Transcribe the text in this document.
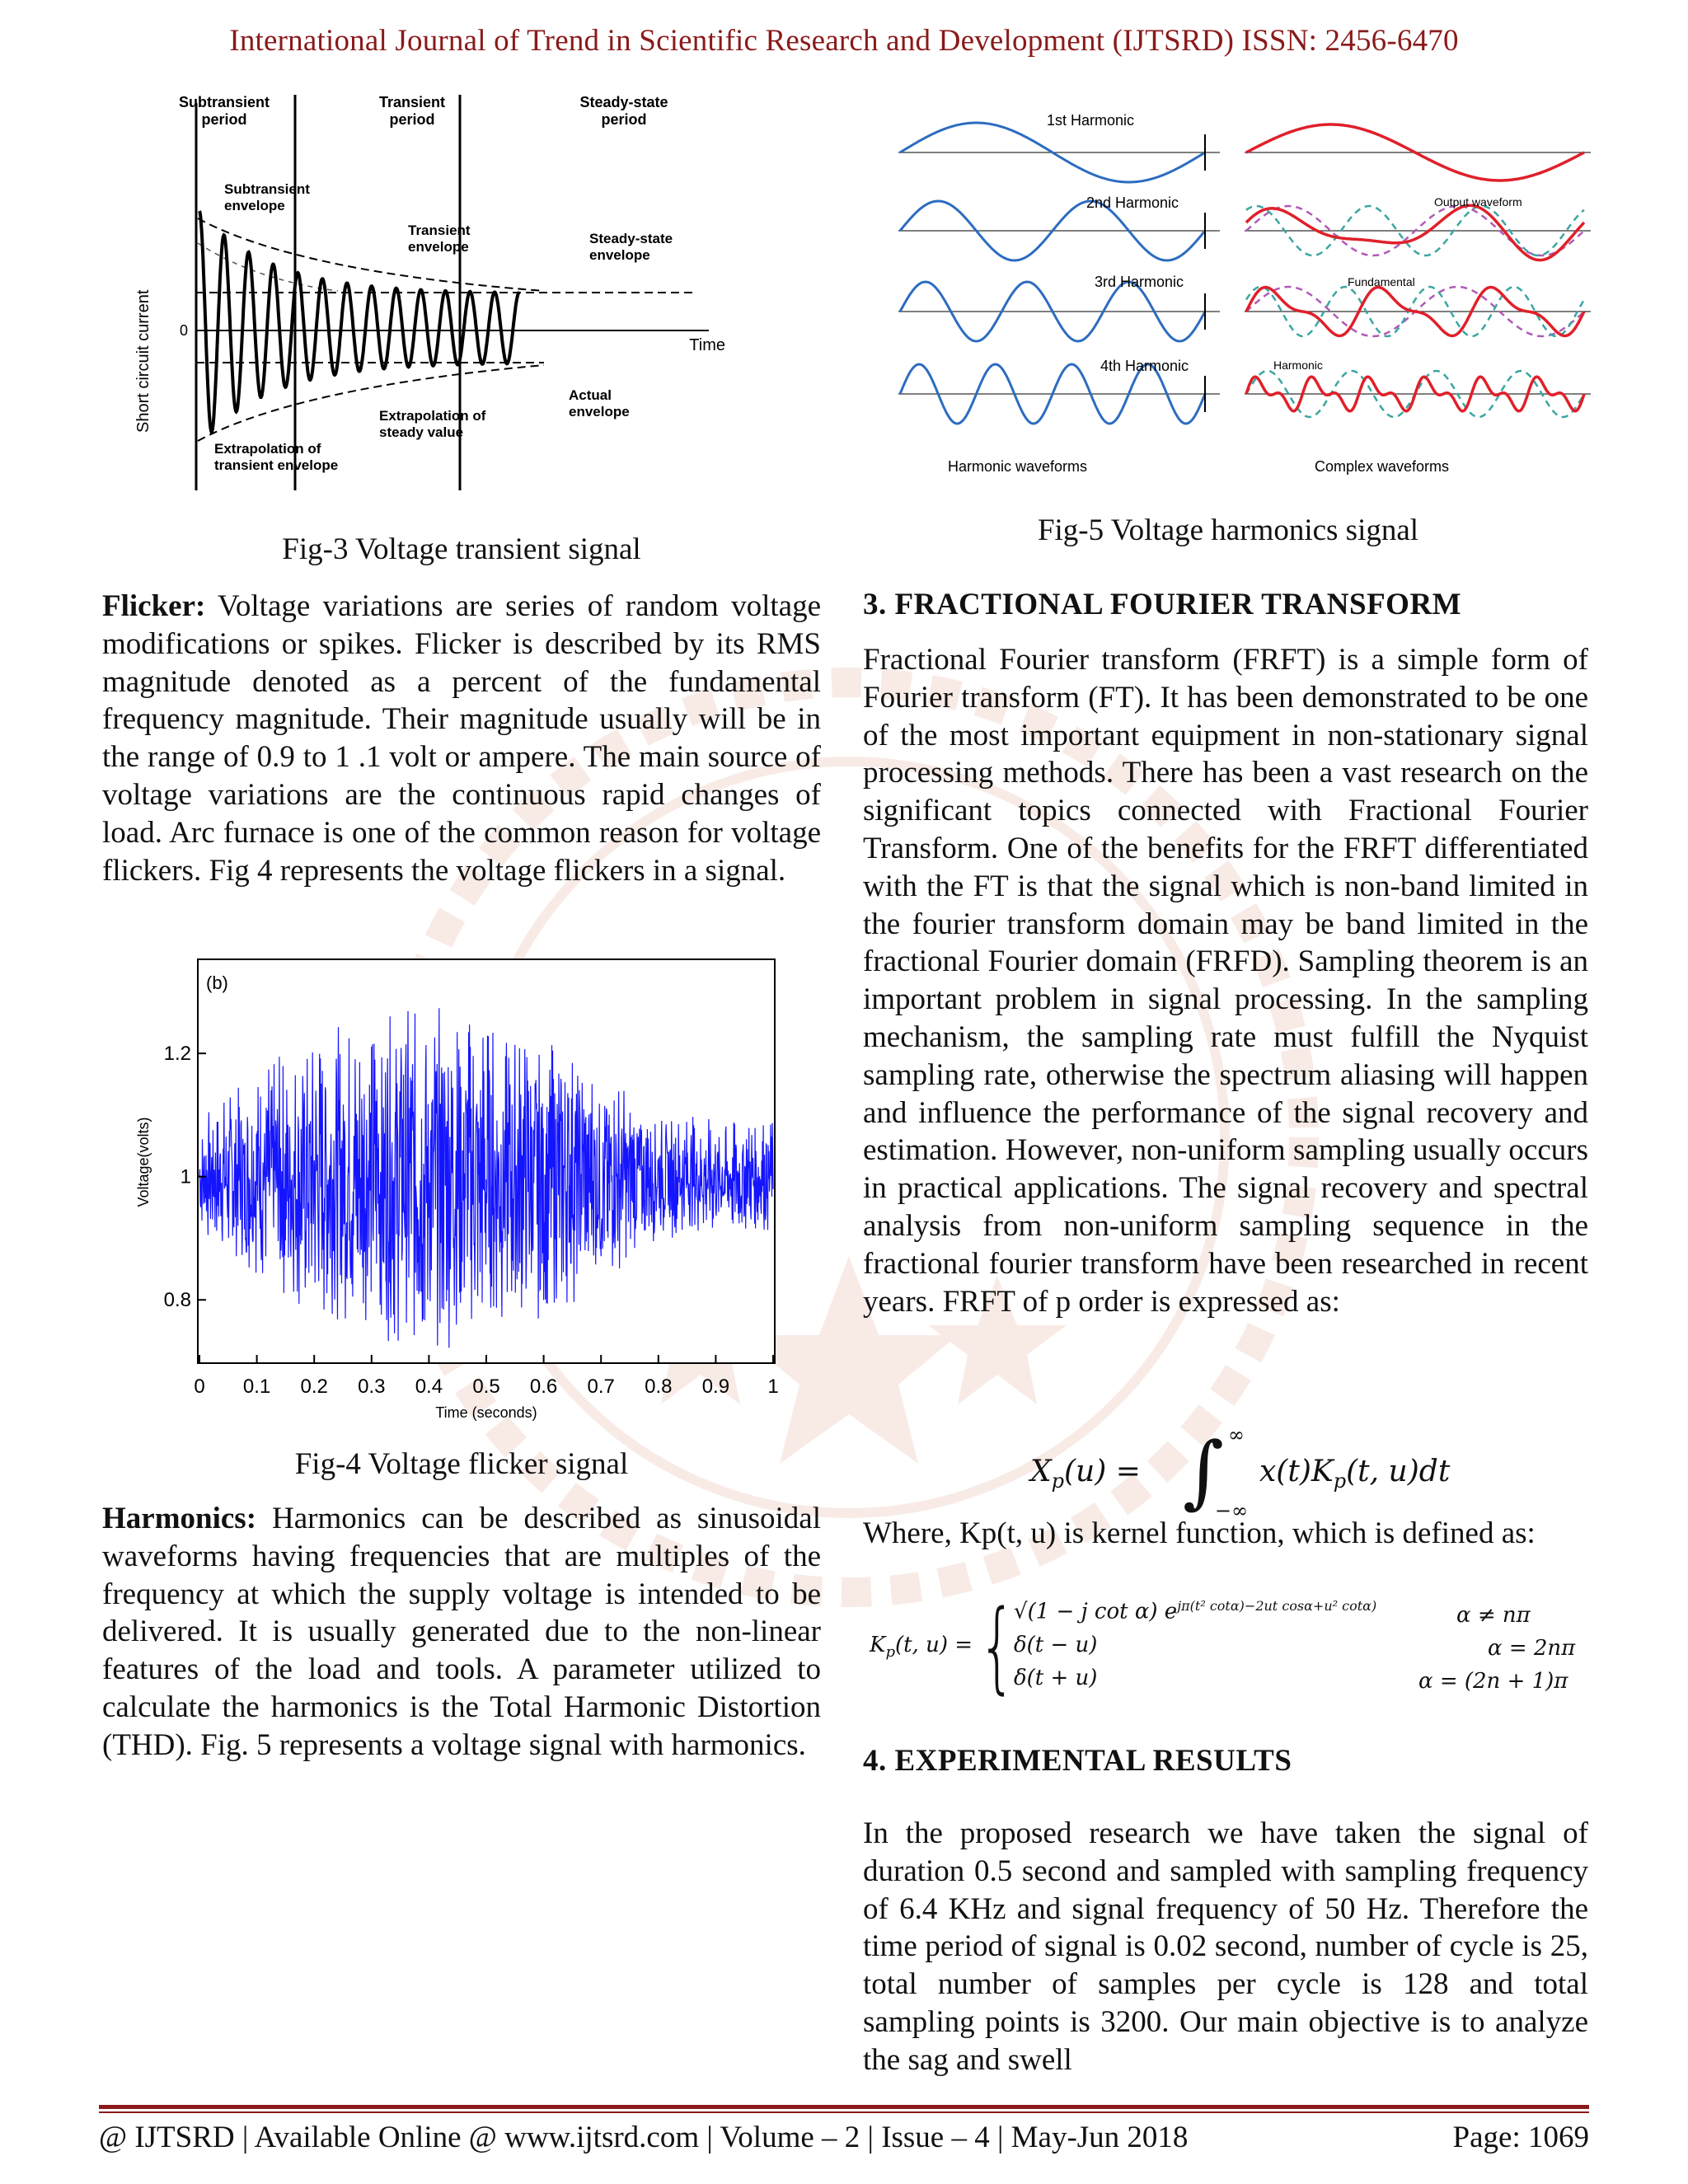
International Journal of Trend in Scientific Research and Development (IJTSRD) ISSN: 2456-6470
Subtransient
period
Transient
period
Steady-state
period
Subtransient
envelope
Transient
envelope
Steady-state
envelope
Short circuit current 0
Time
Actual
envelope
Extrapolation of
steady value
Extrapolation of
transient envelope
Fig-3 Voltage transient signal
1st Harmonic
2nd Harmonic
3rd Harmonic
4th Harmonic
Output waveform
Fundamental
Harmonic
Harmonic waveforms	Complex waveforms
Fig-5 Voltage harmonics signal
Flicker: Voltage variations are series of random voltage modifications or spikes. Flicker is described by its RMS magnitude denoted as a percent of the fundamental frequency magnitude. Their magnitude usually will be in the range of 0.9 to 1 .1 volt or ampere. The main source of voltage variations are the continuous rapid changes of load. Arc furnace is one of the common reason for voltage flickers. Fig 4 represents the voltage flickers in a signal.
0 0.1 0.2 0.3 0.4 0.5 0.6 0.7 0.8 0.9 1
0.8
1
1.2
(b)
Time (seconds)
Voltage(volts)
Fig-4 Voltage flicker signal
Harmonics: Harmonics can be described as sinusoidal waveforms having frequencies that are multiples of the frequency at which the supply voltage is intended to be delivered. It is usually generated due to the non-linear features of the load and tools. A parameter utilized to calculate the harmonics is the Total Harmonic Distortion (THD). Fig. 5 represents a voltage signal with harmonics.
3. FRACTIONAL FOURIER TRANSFORM
Fractional Fourier transform (FRFT) is a simple form of Fourier transform (FT). It has been demonstrated to be one of the most important equipment in non-stationary signal processing methods. There has been a vast research on the significant topics connected with Fractional Fourier Transform. One of the benefits for the FRFT differentiated with the FT is that the signal which is non-band limited in the fourier transform domain may be band limited in the fractional Fourier domain (FRFD). Sampling theorem is an important problem in signal processing. In the sampling mechanism, the sampling rate must fulfill the Nyquist sampling rate, otherwise the spectrum aliasing will happen and influence the performance of the signal recovery and estimation. However, non-uniform sampling usually occurs in practical applications. The signal recovery and spectral analysis from non-uniform sampling sequence in the fractional fourier transform have been researched in recent years. FRFT of p order is expressed as:
$X_p(u)$ = ∫ ∞
−∞
$x(t)K_p(t$, u)dt
Where, Kp(t, u) is kernel function, which is defined as:
$K_p(t$, u) = {
√(1 − j cot α) $e^{j\pi(t^2 cot\alpha)-2ut cos\alpha+u^2 cot\alpha)}$
δ(t − u)
δ(t + u)
α ≠ nπ
α = 2nπ
α = (2n + 1)π
4. EXPERIMENTAL RESULTS
In the proposed research we have taken the signal of duration 0.5 second and sampled with sampling frequency of 6.4 KHz and signal frequency of 50 Hz. Therefore the time period of signal is 0.02 second, number of cycle is 25, total number of samples per cycle is 128 and total sampling points is 3200. Our main objective is to analyze the sag and swell
@ IJTSRD | Available Online @ www.ijtsrd.com | Volume – 2 | Issue – 4 | May-Jun 2018	Page: 1069
